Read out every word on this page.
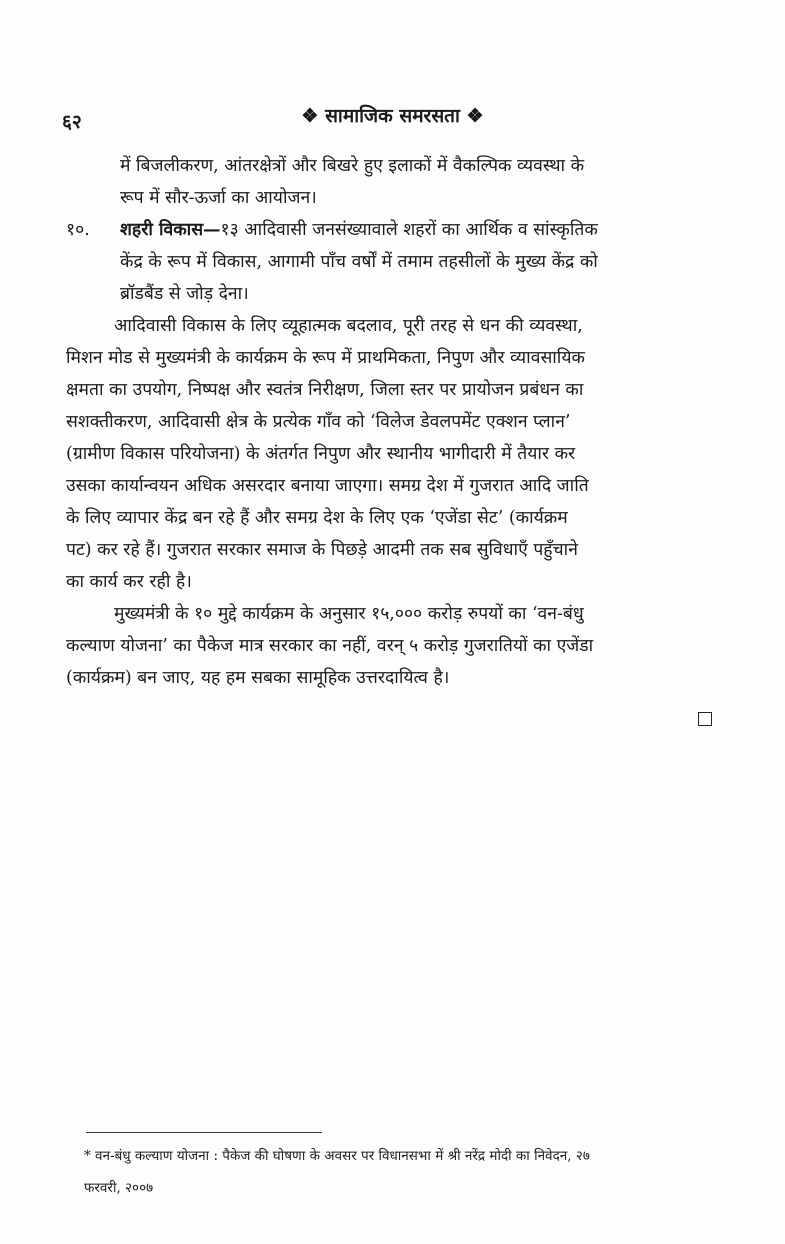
६२	❖ सामाजिक समरसता ❖
में बिजलीकरण, आंतरक्षेत्रों और बिखरे हुए इलाकों में वैकल्पिक व्यवस्था के
रूप में सौर-ऊर्जा का आयोजन।
१०. शहरी विकास—१३ आदिवासी जनसंख्यावाले शहरों का आर्थिक व सांस्कृतिक
केंद्र के रूप में विकास, आगामी पाँच वर्षों में तमाम तहसीलों के मुख्य केंद्र को
ब्रॉडबैंड से जोड़ देना।
आदिवासी विकास के लिए व्यूहात्मक बदलाव, पूरी तरह से धन की व्यवस्था,
मिशन मोड से मुख्यमंत्री के कार्यक्रम के रूप में प्राथमिकता, निपुण और व्यावसायिक
क्षमता का उपयोग, निष्पक्ष और स्वतंत्र निरीक्षण, जिला स्तर पर प्रायोजन प्रबंधन का
सशक्तीकरण, आदिवासी क्षेत्र के प्रत्येक गाँव को ‘विलेज डेवलपमेंट एक्शन प्लान’
(ग्रामीण विकास परियोजना) के अंतर्गत निपुण और स्थानीय भागीदारी में तैयार कर
उसका कार्यान्वयन अधिक असरदार बनाया जाएगा। समग्र देश में गुजरात आदि जाति
के लिए व्यापार केंद्र बन रहे हैं और समग्र देश के लिए एक ‘एजेंडा सेट’ (कार्यक्रम
पट) कर रहे हैं। गुजरात सरकार समाज के पिछड़े आदमी तक सब सुविधाएँ पहुँचाने
का कार्य कर रही है।
मुख्यमंत्री के १० मुद्दे कार्यक्रम के अनुसार १५,००० करोड़ रुपयों का ‘वन-बंधु
कल्याण योजना’ का पैकेज मात्र सरकार का नहीं, वरन् ५ करोड़ गुजरातियों का एजेंडा
(कार्यक्रम) बन जाए, यह हम सबका सामूहिक उत्तरदायित्व है।
* वन-बंधु कल्याण योजना : पैकेज की घोषणा के अवसर पर विधानसभा में श्री नरेंद्र मोदी का निवेदन, २७
फरवरी, २००७
